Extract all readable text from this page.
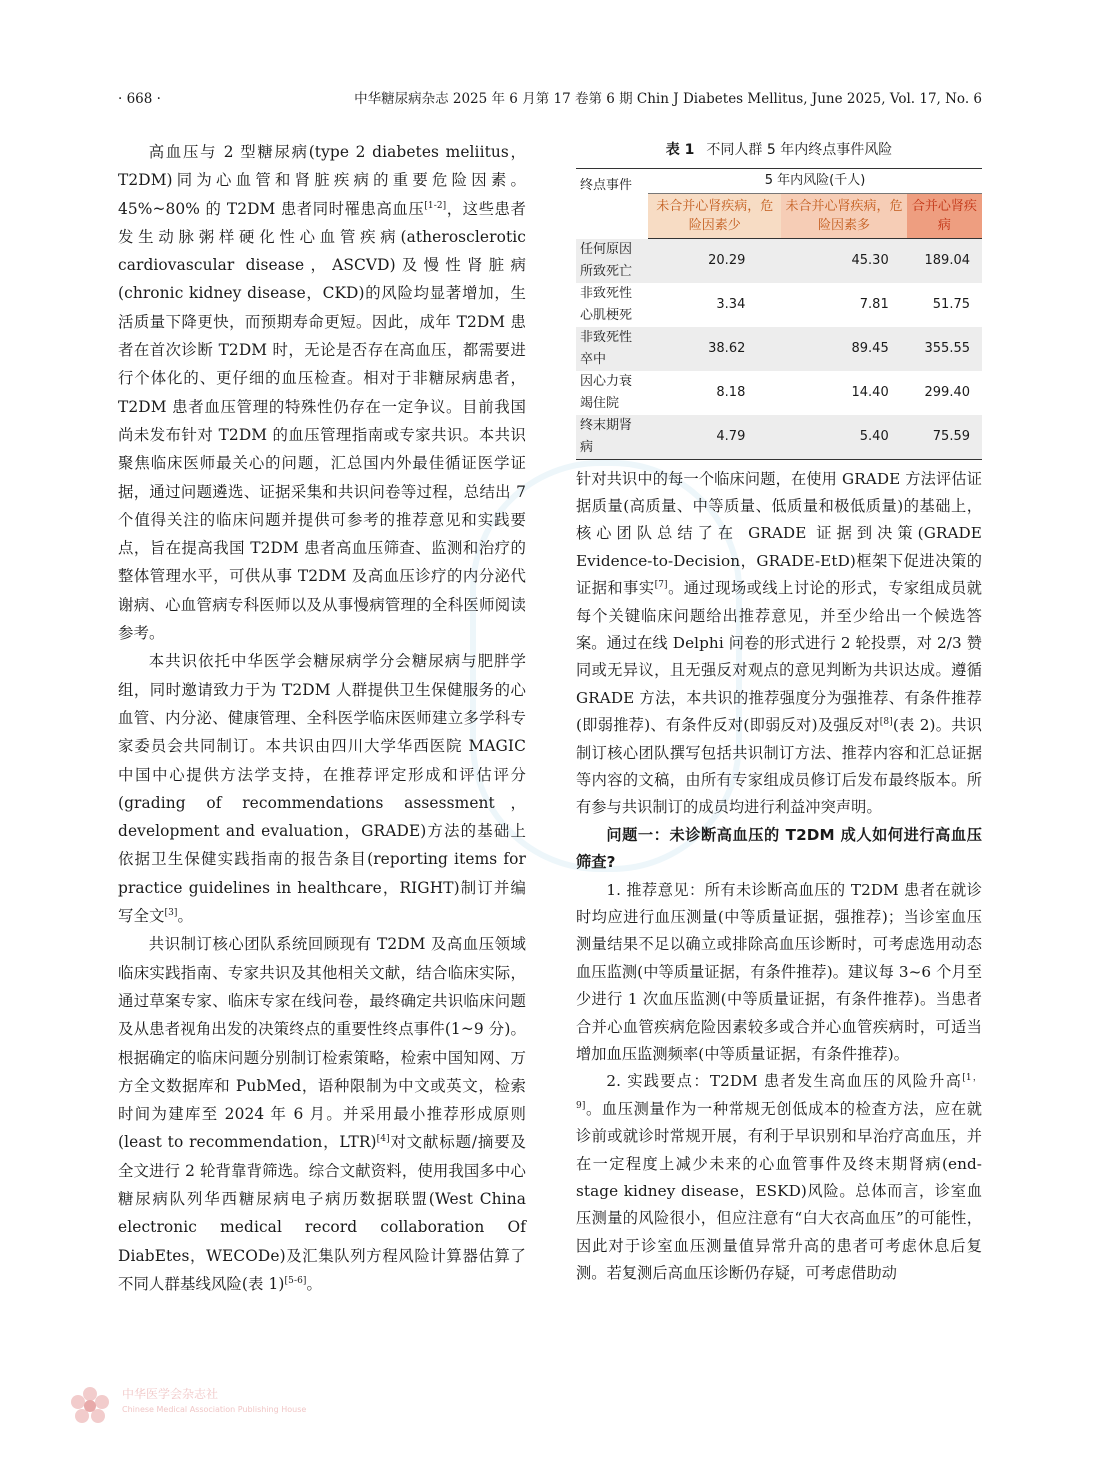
· 668 ·	中华糖尿病杂志 2025 年 6 月第 17 卷第 6 期 Chin J Diabetes Mellitus, June 2025, Vol. 17, No. 6

高血压与 2 型糖尿病(type 2 diabetes meliitus，T2DM)同为心血管和肾脏疾病的重要危险因素。45%~80% 的 T2DM 患者同时罹患高血压[1-2]，这些患者发生动脉粥样硬化性心血管疾病(atherosclerotic cardiovascular disease，ASCVD)及慢性肾脏病(chronic kidney disease，CKD)的风险均显著增加，生活质量下降更快，而预期寿命更短。因此，成年 T2DM 患者在首次诊断 T2DM 时，无论是否存在高血压，都需要进行个体化的、更仔细的血压检查。相对于非糖尿病患者，T2DM 患者血压管理的特殊性仍存在一定争议。目前我国尚未发布针对 T2DM 的血压管理指南或专家共识。本共识聚焦临床医师最关心的问题，汇总国内外最佳循证医学证据，通过问题遴选、证据采集和共识问卷等过程，总结出 7 个值得关注的临床问题并提供可参考的推荐意见和实践要点，旨在提高我国 T2DM 患者高血压筛查、监测和治疗的整体管理水平，可供从事 T2DM 及高血压诊疗的内分泌代谢病、心血管病专科医师以及从事慢病管理的全科医师阅读参考。

本共识依托中华医学会糖尿病学分会糖尿病与肥胖学组，同时邀请致力于为 T2DM 人群提供卫生保健服务的心血管、内分泌、健康管理、全科医学临床医师建立多学科专家委员会共同制订。本共识由四川大学华西医院 MAGIC 中国中心提供方法学支持，在推荐评定形成和评估评分(grading of recommendations assessment， development and evaluation，GRADE)方法的基础上依据卫生保健实践指南的报告条目(reporting items for practice guidelines in healthcare，RIGHT)制订并编写全文[3]。

共识制订核心团队系统回顾现有 T2DM 及高血压领域临床实践指南、专家共识及其他相关文献，结合临床实际，通过草案专家、临床专家在线问卷，最终确定共识临床问题及从患者视角出发的决策终点的重要性终点事件(1~9 分)。根据确定的临床问题分别制订检索策略，检索中国知网、万方全文数据库和 PubMed，语种限制为中文或英文，检索时间为建库至 2024 年 6 月。并采用最小推荐形成原则(least to recommendation，LTR)[4]对文献标题/摘要及全文进行 2 轮背靠背筛选。综合文献资料，使用我国多中心糖尿病队列华西糖尿病电子病历数据联盟(West China electronic medical record collaboration Of DiabEtes，WECODe)及汇集队列方程风险计算器估算了不同人群基线风险(表 1)[5-6]。

表 1 不同人群 5 年内终点事件风险
终点事件	5 年内风险(千人)		
	未合并心肾疾病，危险因素少	未合并心肾疾病，危险因素多	合并心肾疾病
任何原因所致死亡	20.29	45.30	189.04
非致死性心肌梗死	3.34	7.81	51.75
非致死性卒中	38.62	89.45	355.55
因心力衰竭住院	8.18	14.40	299.40
终末期肾病	4.79	5.40	75.59

针对共识中的每一个临床问题，在使用 GRADE 方法评估证据质量(高质量、中等质量、低质量和极低质量)的基础上，核心团队总结了在 GRADE 证据到决策(GRADE Evidence-to-Decision，GRADE-EtD)框架下促进决策的证据和事实[7]。通过现场或线上讨论的形式，专家组成员就每个关键临床问题给出推荐意见，并至少给出一个候选答案。通过在线 Delphi 问卷的形式进行 2 轮投票，对 2/3 赞同或无异议，且无强反对观点的意见判断为共识达成。遵循 GRADE 方法，本共识的推荐强度分为强推荐、有条件推荐(即弱推荐)、有条件反对(即弱反对)及强反对[8](表 2)。共识制订核心团队撰写包括共识制订方法、推荐内容和汇总证据等内容的文稿，由所有专家组成员修订后发布最终版本。所有参与共识制订的成员均进行利益冲突声明。

问题一：未诊断高血压的 T2DM 成人如何进行高血压筛查?

1. 推荐意见：所有未诊断高血压的 T2DM 患者在就诊时均应进行血压测量(中等质量证据，强推荐)；当诊室血压测量结果不足以确立或排除高血压诊断时，可考虑选用动态血压监测(中等质量证据，有条件推荐)。建议每 3~6 个月至少进行 1 次血压监测(中等质量证据，有条件推荐)。当患者合并心血管疾病危险因素较多或合并心血管疾病时，可适当增加血压监测频率(中等质量证据，有条件推荐)。

2. 实践要点：T2DM 患者发生高血压的风险升高[1，9]。血压测量作为一种常规无创低成本的检查方法，应在就诊前或就诊时常规开展，有利于早识别和早治疗高血压，并在一定程度上减少未来的心血管事件及终末期肾病(end-stage kidney disease，ESKD)风险。总体而言，诊室血压测量的风险很小，但应注意有“白大衣高血压”的可能性，因此对于诊室血压测量值异常升高的患者可考虑休息后复测。若复测后高血压诊断仍存疑，可考虑借助动

中华医学会杂志社
Chinese Medical Association Publishing House
